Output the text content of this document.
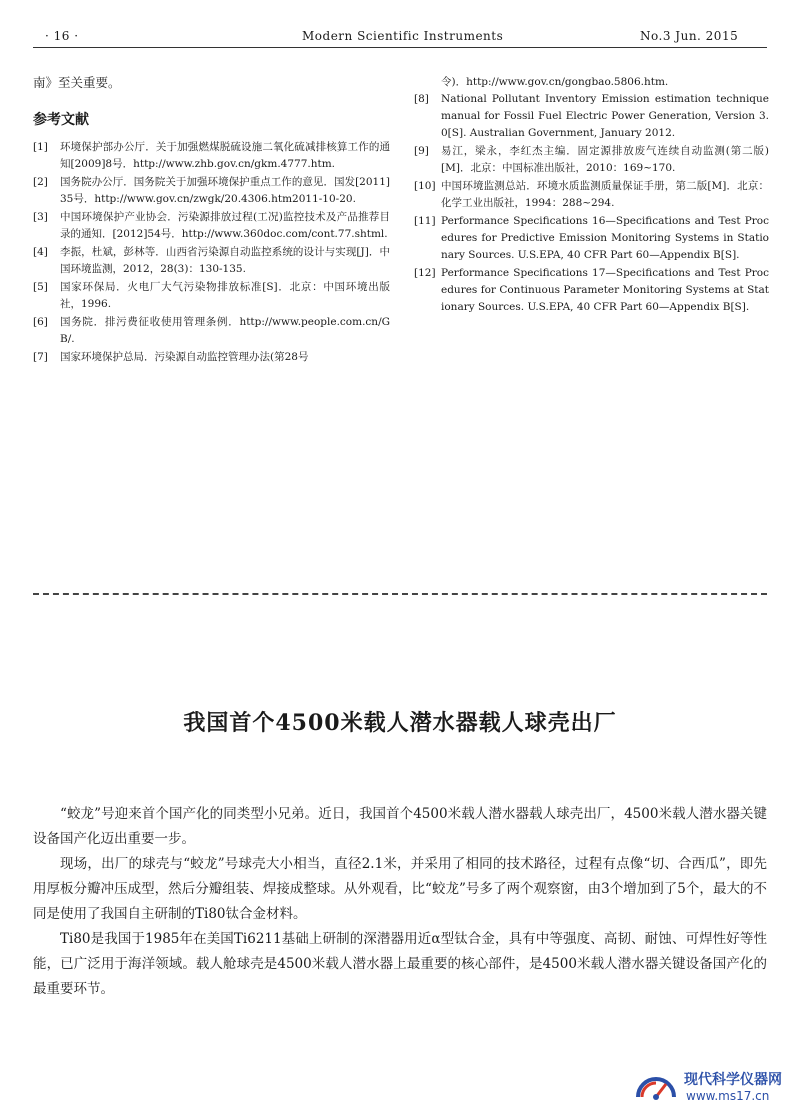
· 16 ·	Modern Scientific Instruments	No.3 Jun. 2015
南》至关重要。
参考文献
[1]	环境保护部办公厅．关于加强燃煤脱硫设施二氧化硫减排核算工作的通知[2009]8号．http://www.zhb.gov.cn/gkm.4777.htm.
[2]	国务院办公厅．国务院关于加强环境保护重点工作的意见．国发[2011]35号．http://www.gov.cn/zwgk/20.4306.htm2011-10-20.
[3]	中国环境保护产业协会．污染源排放过程(工况)监控技术及产品推荐目录的通知．[2012]54号．http://www.360doc.com/cont.77.shtml.
[4]	李振，杜斌，彭林等．山西省污染源自动监控系统的设计与实现[J]．中国环境监测，2012，28(3)：130-135.
[5]	国家环保局．火电厂大气污染物排放标准[S]．北京：中国环境出版社，1996.
[6]	国务院．排污费征收使用管理条例．http://www.people.com.cn/GB/.
[7]	国家环境保护总局．污染源自动监控管理办法(第28号
令)．http://www.gov.cn/gongbao.5806.htm.
[8]	National Pollutant Inventory Emission estimation technique manual for Fossil Fuel Electric Power Generation, Version 3.0[S]. Australian Government, January 2012.
[9]	易江，梁永，李红杰主编．固定源排放废气连续自动监测(第二版)[M]．北京：中国标准出版社，2010：169~170.
[10] 中国环境监测总站．环境水质监测质量保证手册，第二版[M]．北京：化学工业出版社，1994：288~294.
[11] Performance Specifications 16—Specifications and Test Procedures for Predictive Emission Monitoring Systems in Stationary Sources. U.S.EPA, 40 CFR Part 60—Appendix B[S].
[12] Performance Specifications 17—Specifications and Test Procedures for Continuous Parameter Monitoring Systems at Stationary Sources. U.S.EPA, 40 CFR Part 60—Appendix B[S].
我国首个4500米载人潜水器载人球壳出厂

“蛟龙”号迎来首个国产化的同类型小兄弟。近日，我国首个4500米载人潜水器载人球壳出厂，4500米载人潜水器关键设备国产化迈出重要一步。

现场，出厂的球壳与“蛟龙”号球壳大小相当，直径2.1米，并采用了相同的技术路径，过程有点像“切、合西瓜”，即先用厚板分瓣冲压成型，然后分瓣组装、焊接成整球。从外观看，比“蛟龙”号多了两个观察窗，由3个增加到了5个，最大的不同是使用了我国自主研制的Ti80钛合金材料。

Ti80是我国于1985年在美国Ti6211基础上研制的深潜器用近α型钛合金，具有中等强度、高韧、耐蚀、可焊性好等性能，已广泛用于海洋领域。载人舱球壳是4500米载人潜水器上最重要的核心部件，是4500米载人潜水器关键设备国产化的最重要环节。

现代科学仪器网
www.ms17.cn
